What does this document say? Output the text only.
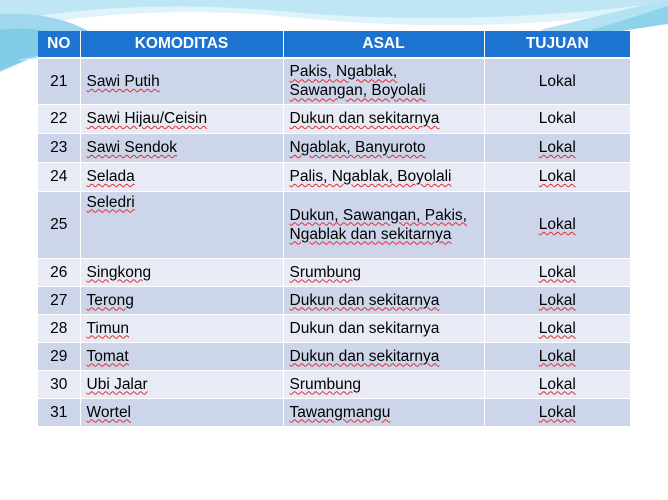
NO	KOMODITAS	ASAL	TUJUAN
21	Sawi Putih	Pakis, Ngablak, Sawangan, Boyolali	Lokal
22	Sawi Hijau/Ceisin	Dukun dan sekitarnya	Lokal
23	Sawi Sendok	Ngablak, Banyuroto	Lokal
24	Selada	Palis, Ngablak, Boyolali	Lokal
25	Seledri	Dukun, Sawangan, Pakis, Ngablak dan sekitarnya	Lokal
26	Singkong	Srumbung	Lokal
27	Terong	Dukun dan sekitarnya	Lokal
28	Timun	Dukun dan sekitarnya	Lokal
29	Tomat	Dukun dan sekitarnya	Lokal
30	Ubi Jalar	Srumbung	Lokal
31	Wortel	Tawangmangu	Lokal
